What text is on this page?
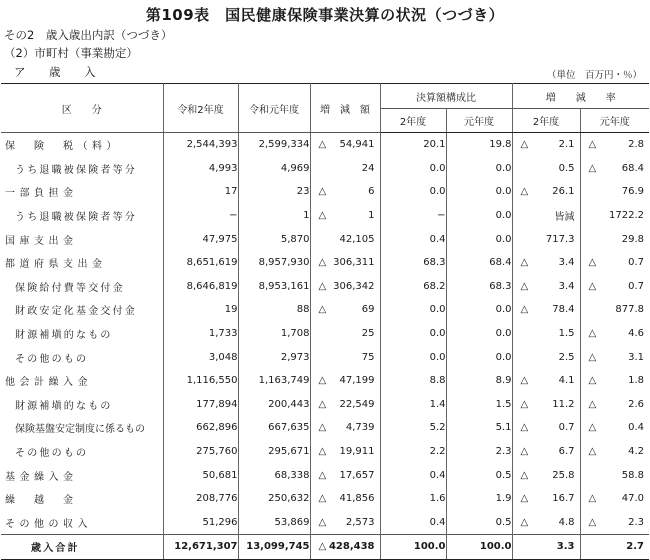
第109表　国民健康保険事業決算の状況（つづき）
その2　歳入歳出内訳（つづき）
（2）市町村（事業勘定）
ア　歳　入	（単位　百万円・％）
区　　分	令和2年度	令和元年度	増　減　額	決算額構成比		増　　減　　率	
				2年度	元年度	2年度	元年度

保　険　税（料）	2,544,393	2,599,334	△ 54,941	20.1	19.8	△ 2.1	△ 2.8

うち退職被保険者等分	4,993	4,969	24	0.0	0.0	0.5	△ 68.4

一部負担金	17	23	△ 6	0.0	0.0	△ 26.1	76.9

うち退職被保険者等分	−	1	△ 1	−	0.0	皆減	1722.2

国庫支出金	47,975	5,870	42,105	0.4	0.0	717.3	29.8

都道府県支出金	8,651,619	8,957,930	△ 306,311	68.3	68.4	△ 3.4	△ 0.7

保険給付費等交付金	8,646,819	8,953,161	△ 306,342	68.2	68.3	△ 3.4	△ 0.7

財政安定化基金交付金	19	88	△ 69	0.0	0.0	△ 78.4	877.8

財源補塡的なもの	1,733	1,708	25	0.0	0.0	1.5	△ 4.6

その他のもの	3,048	2,973	75	0.0	0.0	2.5	△ 3.1

他会計繰入金	1,116,550	1,163,749	△ 47,199	8.8	8.9	△ 4.1	△ 1.8

財源補塡的なもの	177,894	200,443	△ 22,549	1.4	1.5	△ 11.2	△ 2.6

保険基盤安定制度に係るもの	662,896	667,635	△ 4,739	5.2	5.1	△ 0.7	△ 0.4

その他のもの	275,760	295,671	△ 19,911	2.2	2.3	△ 6.7	△ 4.2

基金繰入金	50,681	68,338	△ 17,657	0.4	0.5	△ 25.8	58.8

繰　越　金	208,776	250,632	△ 41,856	1.6	1.9	△ 16.7	△ 47.0

その他の収入	51,296	53,869	△ 2,573	0.4	0.5	△ 4.8	△ 2.3

歳入合計	12,671,307	13,099,745	△ 428,438	100.0	100.0	3.3	2.7
